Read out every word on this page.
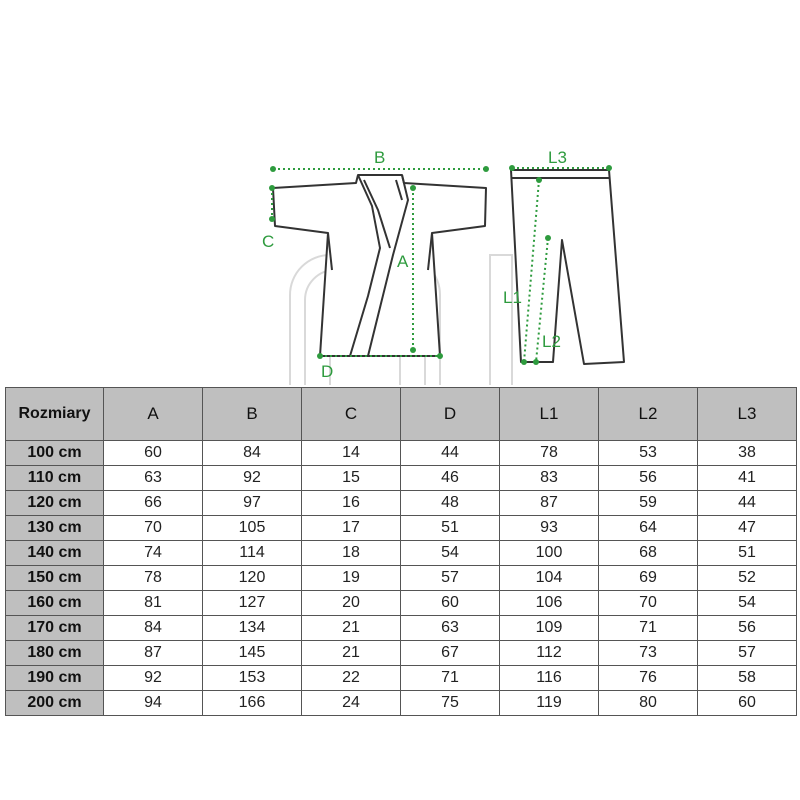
B
C
A
D
L3
L1
L2
Rozmiary	A	B	C	D	L1	L2	L3
100 cm	60	84	14	44	78	53	38
110 cm	63	92	15	46	83	56	41
120 cm	66	97	16	48	87	59	44
130 cm	70	105	17	51	93	64	47
140 cm	74	114	18	54	100	68	51
150 cm	78	120	19	57	104	69	52
160 cm	81	127	20	60	106	70	54
170 cm	84	134	21	63	109	71	56
180 cm	87	145	21	67	112	73	57
190 cm	92	153	22	71	116	76	58
200 cm	94	166	24	75	119	80	60
